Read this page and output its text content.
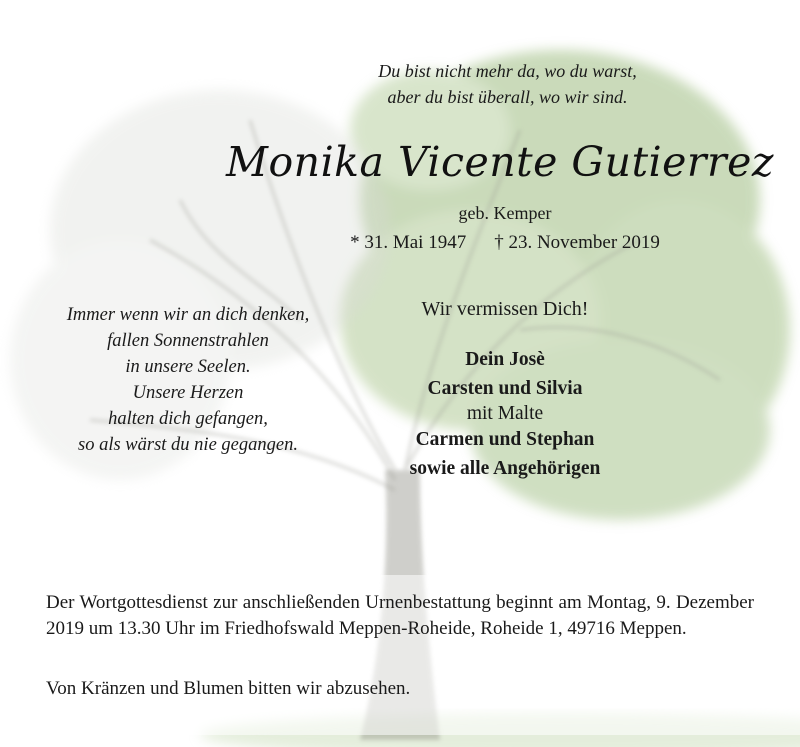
Du bist nicht mehr da, wo du warst,
aber du bist überall, wo wir sind.
Monika Vicente Gutierrez
geb. Kemper
* 31. Mai 1947 † 23. November 2019
Immer wenn wir an dich denken,
fallen Sonnenstrahlen
in unsere Seelen.
Unsere Herzen
halten dich gefangen,
so als wärst du nie gegangen.
Wir vermissen Dich!
Dein Josè
Carsten und Silvia
mit Malte
Carmen und Stephan
sowie alle Angehörigen

Der Wortgottesdienst zur anschließenden Urnenbestattung beginnt am Montag, 9. Dezember 2019 um 13.30 Uhr im Friedhofswald Meppen-Roheide, Roheide 1, 49716 Meppen.

Von Kränzen und Blumen bitten wir abzusehen.
